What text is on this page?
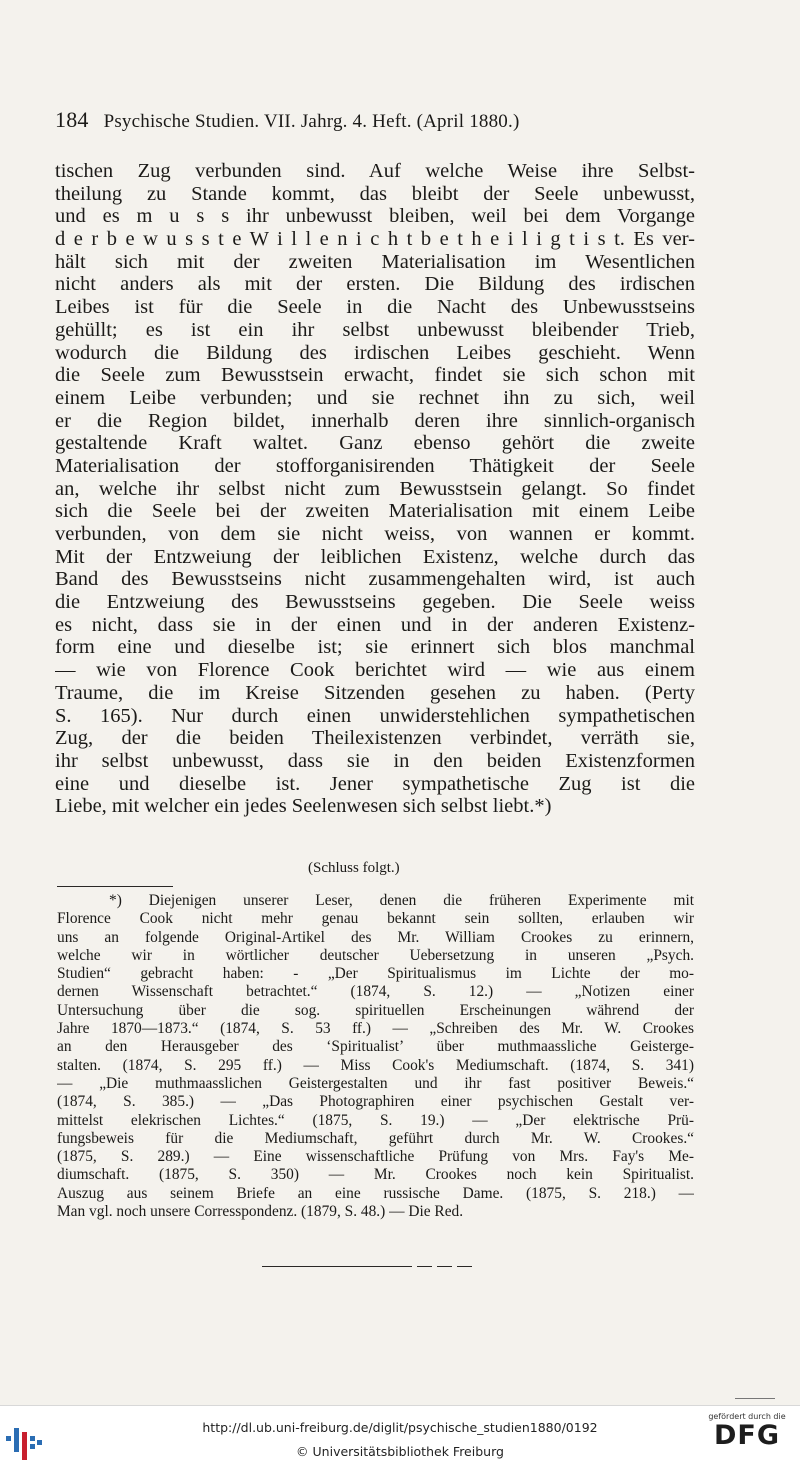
184 Psychische Studien. VII. Jahrg. 4. Heft. (April 1880.)
tischen Zug verbunden sind. Auf welche Weise ihre Selbst-
theilung zu Stande kommt, das bleibt der Seele unbewusst,
und es m u s s ihr unbewusst bleiben, weil bei dem Vorgange
d e r b e w u s s t e W i l l e n i c h t b e t h e i l i g t i s t. Es ver-
hält sich mit der zweiten Materialisation im Wesentlichen
nicht anders als mit der ersten. Die Bildung des irdischen
Leibes ist für die Seele in die Nacht des Unbewusstseins
gehüllt; es ist ein ihr selbst unbewusst bleibender Trieb,
wodurch die Bildung des irdischen Leibes geschieht. Wenn
die Seele zum Bewusstsein erwacht, findet sie sich schon mit
einem Leibe verbunden; und sie rechnet ihn zu sich, weil
er die Region bildet, innerhalb deren ihre sinnlich-organisch
gestaltende Kraft waltet. Ganz ebenso gehört die zweite
Materialisation der stofforganisirenden Thätigkeit der Seele
an, welche ihr selbst nicht zum Bewusstsein gelangt. So findet
sich die Seele bei der zweiten Materialisation mit einem Leibe
verbunden, von dem sie nicht weiss, von wannen er kommt.
Mit der Entzweiung der leiblichen Existenz, welche durch das
Band des Bewusstseins nicht zusammengehalten wird, ist auch
die Entzweiung des Bewusstseins gegeben. Die Seele weiss
es nicht, dass sie in der einen und in der anderen Existenz-
form eine und dieselbe ist; sie erinnert sich blos manchmal
— wie von Florence Cook berichtet wird — wie aus einem
Traume, die im Kreise Sitzenden gesehen zu haben. (Perty
S. 165). Nur durch einen unwiderstehlichen sympathetischen
Zug, der die beiden Theilexistenzen verbindet, verräth sie,
ihr selbst unbewusst, dass sie in den beiden Existenzformen
eine und dieselbe ist. Jener sympathetische Zug ist die
Liebe, mit welcher ein jedes Seelenwesen sich selbst liebt.*)
(Schluss folgt.)
*) Diejenigen unserer Leser, denen die früheren Experimente mit
Florence Cook nicht mehr genau bekannt sein sollten, erlauben wir
uns an folgende Original-Artikel des Mr. William Crookes zu erinnern,
welche wir in wörtlicher deutscher Uebersetzung in unseren „Psych.
Studien“ gebracht haben: - „Der Spiritualismus im Lichte der mo-
dernen Wissenschaft betrachtet.“ (1874, S. 12.) — „Notizen einer
Untersuchung über die sog. spirituellen Erscheinungen während der
Jahre 1870—1873.“ (1874, S. 53 ff.) — „Schreiben des Mr. W. Crookes
an den Herausgeber des ‘Spiritualist’ über muthmaassliche Geisterge-
stalten. (1874, S. 295 ff.) — Miss Cook's Mediumschaft. (1874, S. 341)
— „Die muthmaasslichen Geistergestalten und ihr fast positiver Beweis.“
(1874, S. 385.) — „Das Photographiren einer psychischen Gestalt ver-
mittelst elekrischen Lichtes.“ (1875, S. 19.) — „Der elektrische Prü-
fungsbeweis für die Mediumschaft, geführt durch Mr. W. Crookes.“
(1875, S. 289.) — Eine wissenschaftliche Prüfung von Mrs. Fay's Me-
diumschaft. (1875, S. 350) — Mr. Crookes noch kein Spiritualist.
Auszug aus seinem Briefe an eine russische Dame. (1875, S. 218.) —
Man vgl. noch unsere Corresspondenz. (1879, S. 48.) — Die Red.
http://dl.ub.uni-freiburg.de/diglit/psychische_studien1880/0192
© Universitätsbibliothek Freiburg
gefördert durch die
DFG
